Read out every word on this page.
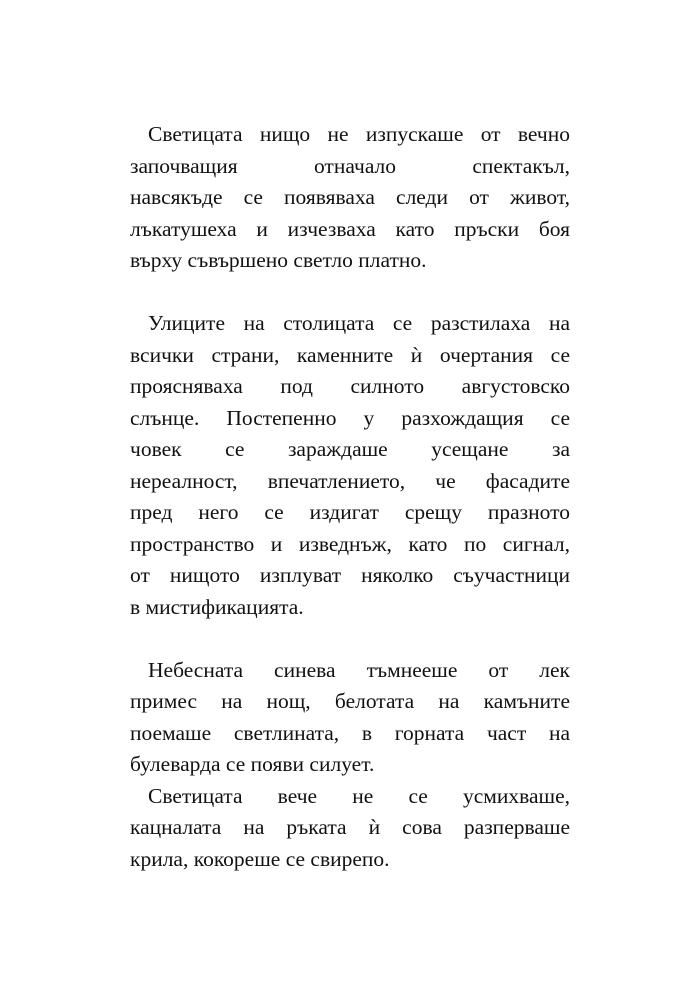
Светицата нищо не изпускаше от вечно
започващия отначало спектакъл,
навсякъде се появяваха следи от живот,
лъкатушеха и изчезваха като пръски боя
върху съвършено светло платно.
Улиците на столицата се разстилаха на
всички страни, каменните ѝ очертания се
проясняваха под силното августовско
слънце. Постепенно у разхождащия се
човек се зараждаше усещане за
нереалност, впечатлението, че фасадите
пред него се издигат срещу празното
пространство и изведнъж, като по сигнал,
от нищото изплуват няколко съучастници
в мистификацията.
Небесната синева тъмнееше от лек
примес на нощ, белотата на камъните
поемаше светлината, в горната част на
булеварда се появи силует.
Светицата вече не се усмихваше,
кацналата на ръката ѝ сова разперваше
крила, кокореше се свирепо.
